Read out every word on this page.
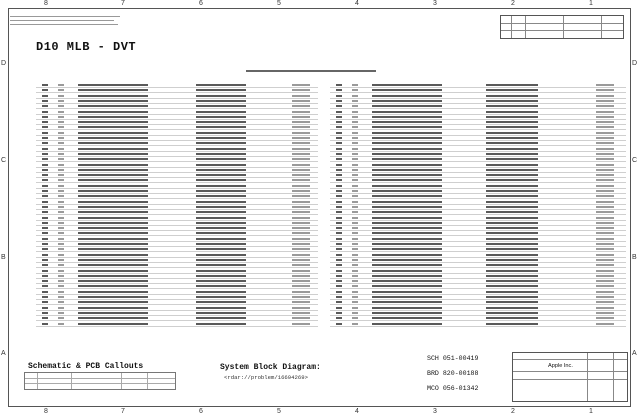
8	7	6	5	4	3	2	1
8	7	6	5	4	3	2	1
D
C
B
A
D
C
B
A
D10 MLB - DVT
Schematic & PCB Callouts	System Block Diagram:
<rdar://problem/16694269>
SCH 051-00419
BRD 820-00188
MCO 056-01342
Apple Inc.
